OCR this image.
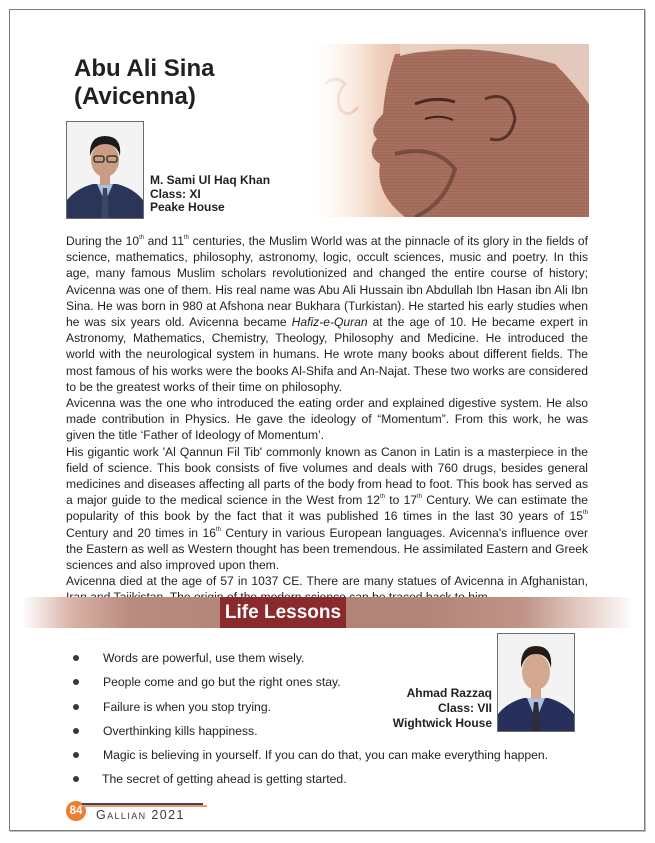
Abu Ali Sina
(Avicenna)
M. Sami Ul Haq Khan
Class: XI
Peake House

During the 10th and 11th centuries, the Muslim World was at the pinnacle of its glory in the fields of science, mathematics, philosophy, astronomy, logic, occult sciences, music and poetry. In this age, many famous Muslim scholars revolutionized and changed the entire course of history; Avicenna was one of them. His real name was Abu Ali Hussain ibn Abdullah Ibn Hasan ibn Ali Ibn Sina. He was born in 980 at Afshona near Bukhara (Turkistan). He started his early studies when he was six years old. Avicenna became Hafiz-e-Quran at the age of 10. He became expert in Astronomy, Mathematics, Chemistry, Theology, Philosophy and Medicine. He introduced the world with the neurological system in humans. He wrote many books about different fields. The most famous of his works were the books Al-Shifa and An-Najat. These two works are considered to be the greatest works of their time on philosophy.

Avicenna was the one who introduced the eating order and explained digestive system. He also made contribution in Physics. He gave the ideology of “Momentum”. From this work, he was given the title ‘Father of Ideology of Momentum’.

His gigantic work 'Al Qannun Fil Tib' commonly known as Canon in Latin is a masterpiece in the field of science. This book consists of five volumes and deals with 760 drugs, besides general medicines and diseases affecting all parts of the body from head to foot. This book has served as a major guide to the medical science in the West from 12th to 17th Century. We can estimate the popularity of this book by the fact that it was published 16 times in the last 30 years of 15th Century and 20 times in 16th Century in various European languages. Avicenna's influence over the Eastern as well as Western thought has been tremendous. He assimilated Eastern and Greek sciences and also improved upon them.

Avicenna died at the age of 57 in 1037 CE. There are many statues of Avicenna in Afghanistan,

Life Lessons
Words are powerful, use them wisely.
People come and go but the right ones stay.
Failure is when you stop trying.
Overthinking kills happiness.
Magic is believing in yourself. If you can do that, you can make everything happen.
The secret of getting ahead is getting started.
Ahmad Razzaq
Class: VII
Wightwick House
84 Gallian 2021
